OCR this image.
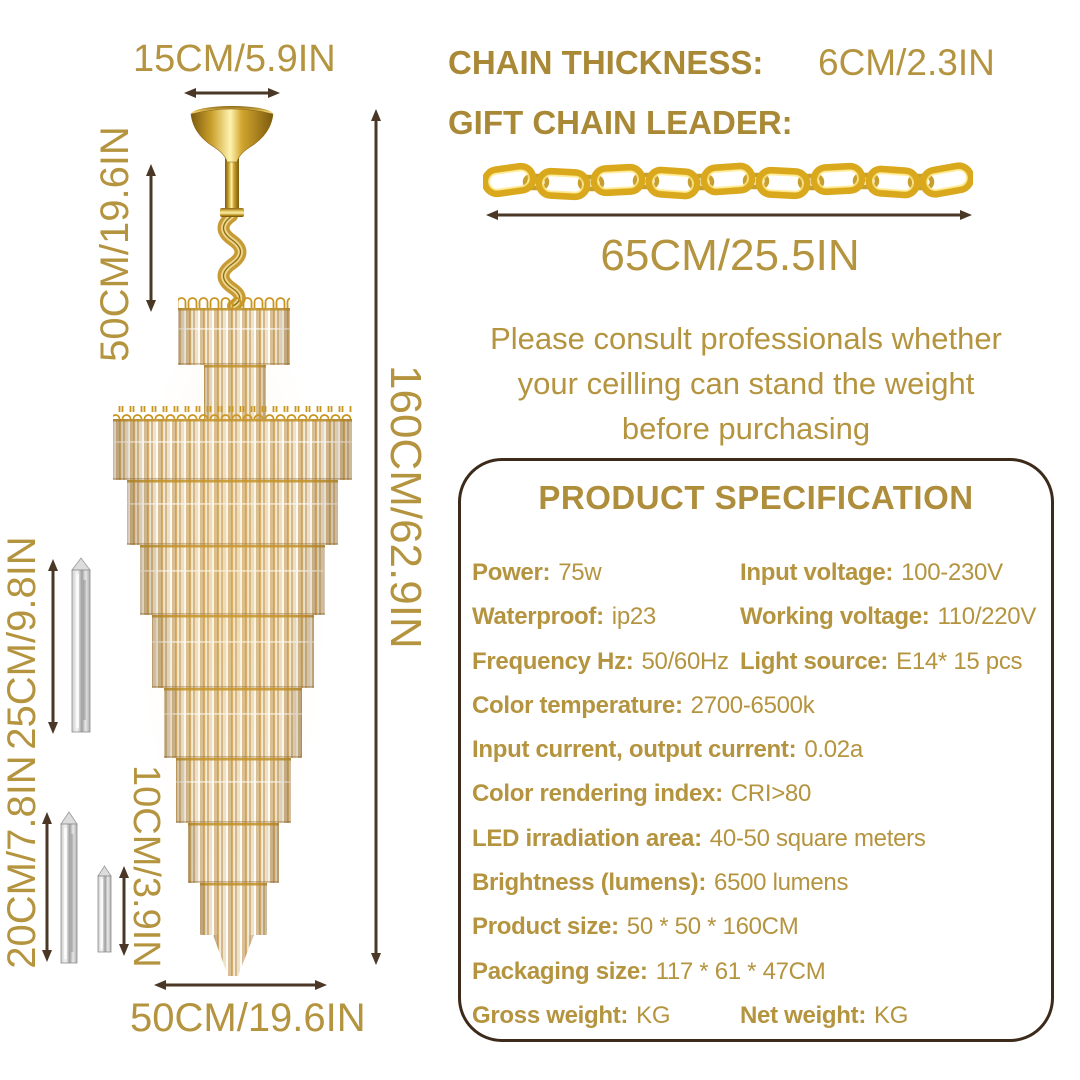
15CM/5.9IN
50CM/19.6IN
160CM/62.9IN
25CM/9.8IN
20CM/7.8IN 10CM/3.9IN
50CM/19.6IN
CHAIN THICKNESS: 6CM/2.3IN
GIFT CHAIN LEADER:
65CM/25.5IN
Please consult professionals whether
your ceilling can stand the weight
before purchasing
PRODUCT SPECIFICATION
Power: 75w	Input voltage: 100-230V
Waterproof: ip23	Working voltage: 110/220V
Frequency Hz: 50/60Hz Light source: E14* 15 pcs
Color temperature: 2700-6500k
Input current, output current: 0.02a
Color rendering index: CRI>80
LED irradiation area: 40-50 square meters
Brightness (lumens): 6500 lumens
Product size: 50 * 50 * 160CM
Packaging size: 117 * 61 * 47CM
Gross weight: KG	Net weight: KG
